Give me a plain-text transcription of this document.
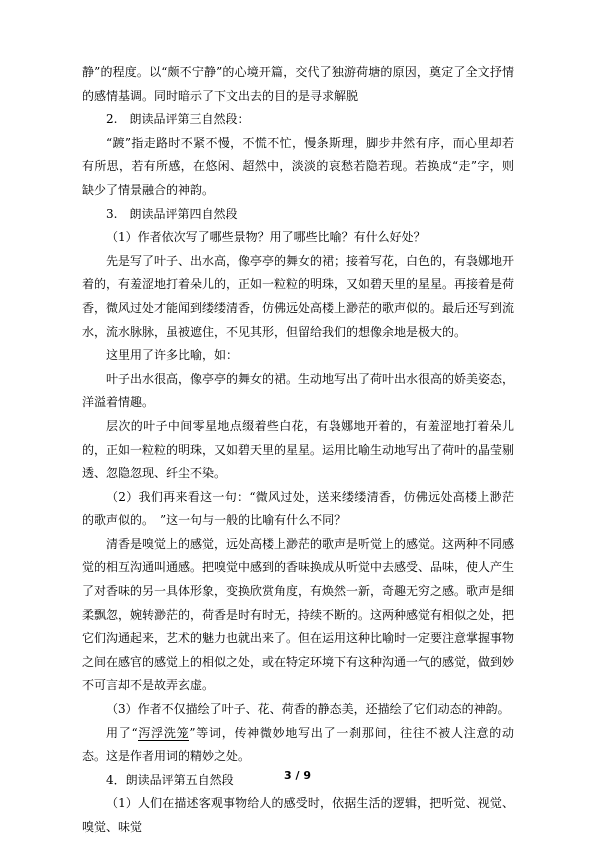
静”的程度。以“颇不宁静”的心境开篇，交代了独游荷塘的原因，奠定了全文抒情的感情基调。同时暗示了下文出去的目的是寻求解脱

2.　朗读品评第三自然段：

“踱”指走路时不紧不慢，不慌不忙，慢条斯理，脚步井然有序，而心里却若有所思，若有所感，在悠闲、超然中，淡淡的哀愁若隐若现。若换成“走”字，则缺少了情景融合的神韵。

3.　朗读品评第四自然段

（1）作者依次写了哪些景物？用了哪些比喻？有什么好处？

先是写了叶子、出水高，像亭亭的舞女的裙；接着写花，白色的，有袅娜地开着的，有羞涩地打着朵儿的，正如一粒粒的明珠，又如碧天里的星星。再接着是荷香，微风过处才能闻到缕缕清香，仿佛远处高楼上渺茫的歌声似的。最后还写到流水，流水脉脉，虽被遮住，不见其形，但留给我们的想像余地是极大的。

这里用了许多比喻，如：

叶子出水很高，像亭亭的舞女的裙。生动地写出了荷叶出水很高的娇美姿态，洋溢着情趣。

层次的叶子中间零星地点缀着些白花，有袅娜地开着的，有羞涩地打着朵儿的，正如一粒粒的明珠，又如碧天里的星星。运用比喻生动地写出了荷叶的晶莹剔透、忽隐忽现、纤尘不染。

（2）我们再来看这一句：“微风过处，送来缕缕清香，仿佛远处高楼上渺茫的歌声似的。　”这一句与一般的比喻有什么不同？

清香是嗅觉上的感觉，远处高楼上渺茫的歌声是听觉上的感觉。这两种不同感觉的相互沟通叫通感。把嗅觉中感到的香味换成从听觉中去感受、品味，使人产生了对香味的另一具体形象，变换欣赏角度，有焕然一新，奇趣无穷之感。歌声是细柔飘忽，婉转渺茫的，荷香是时有时无，持续不断的。这两种感觉有相似之处，把它们沟通起来，艺术的魅力也就出来了。但在运用这种比喻时一定要注意掌握事物之间在感官的感觉上的相似之处，或在特定环境下有这种沟通一气的感觉，做到妙不可言却不是故弄玄虚。

（3）作者不仅描绘了叶子、花、荷香的静态美，还描绘了它们动态的神韵。

用了“泻浮洗笼”等词，传神微妙地写出了一刹那间，往往不被人注意的动态。这是作者用词的精妙之处。

4．朗读品评第五自然段

（1）人们在描述客观事物给人的感受时，依据生活的逻辑，把听觉、视觉、嗅觉、味觉

3 / 9
